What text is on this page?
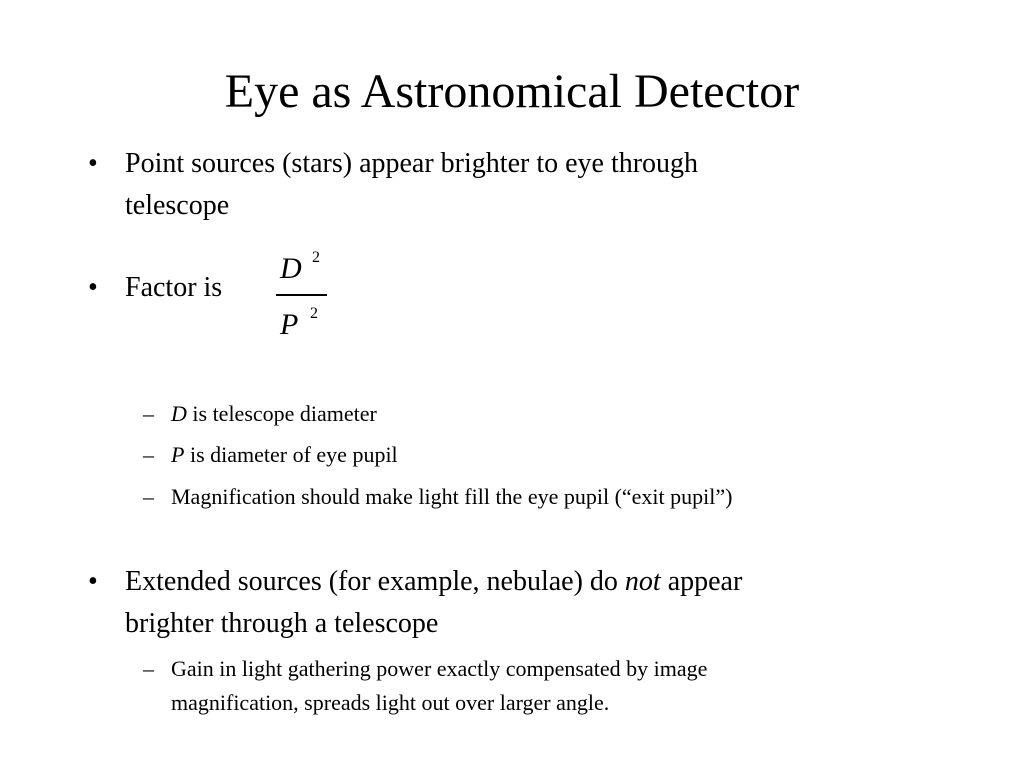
Eye as Astronomical Detector
• Point sources (stars) appear brighter to eye through
telescope
• Factor is
D 2
P 2
– D is telescope diameter
– P is diameter of eye pupil
– Magnification should make light fill the eye pupil (“exit pupil”)
• Extended sources (for example, nebulae) do not appear
brighter through a telescope
– Gain in light gathering power exactly compensated by image
magnification, spreads light out over larger angle.
